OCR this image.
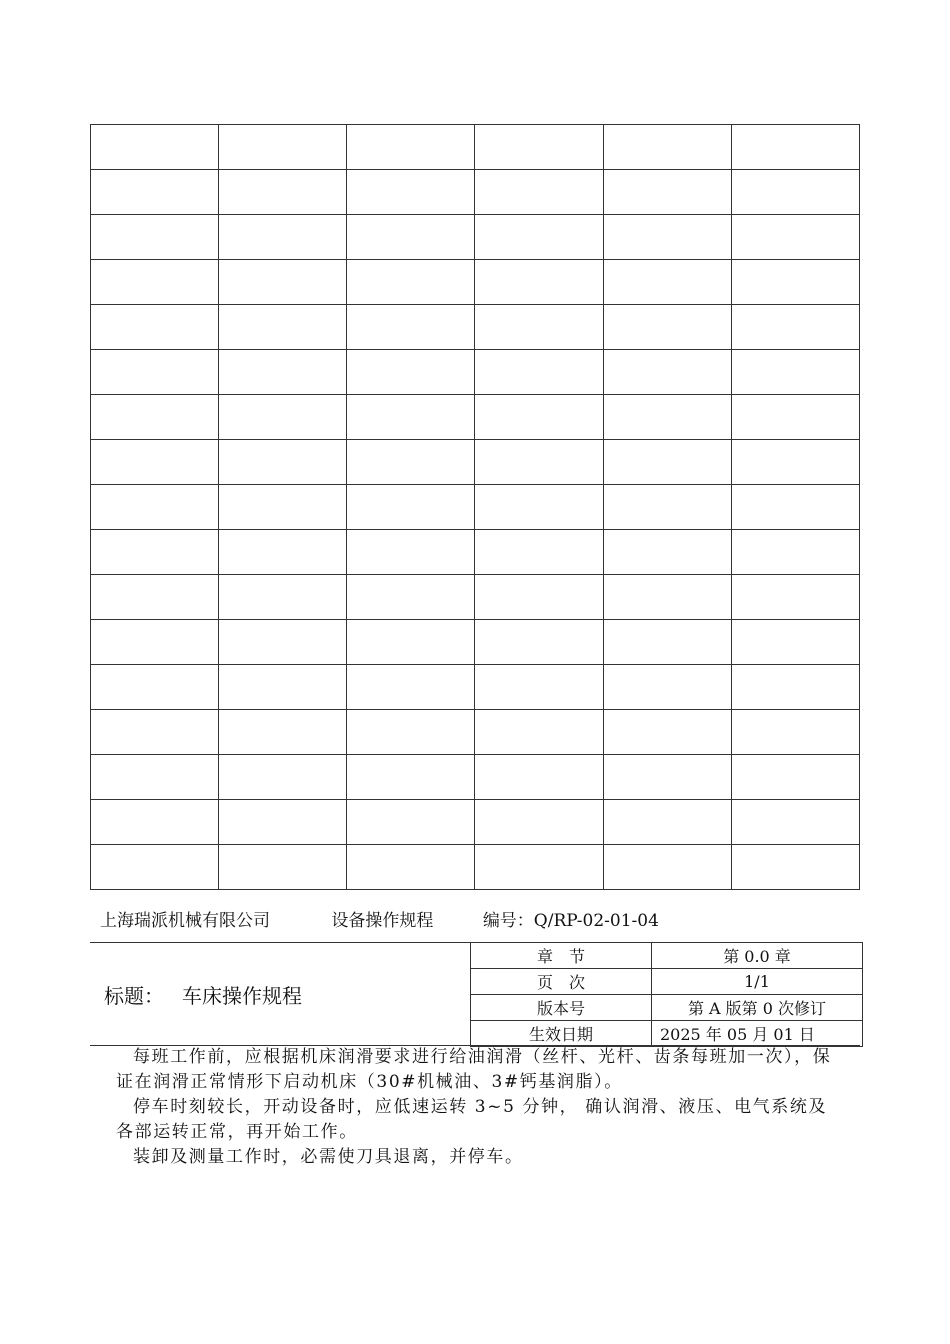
上海瑞派机械有限公司	设备操作规程	编号：Q/RP-02-01-04
标题： 车床操作规程
章　节	第 0.0 章
页　次	1/1
版本号	第 A 版第 0 次修订
生效日期	2025 年 05 月 01 日

每班工作前，应根据机床润滑要求进行给油润滑（丝杆、光杆、齿条每班加一次），保证在润滑正常情形下启动机床（30#机械油、3#钙基润脂）。

停车时刻较长，开动设备时，应低速运转 3~5 分钟， 确认润滑、液压、电气系统及各部运转正常，再开始工作。

装卸及测量工作时，必需使刀具退离，并停车。
